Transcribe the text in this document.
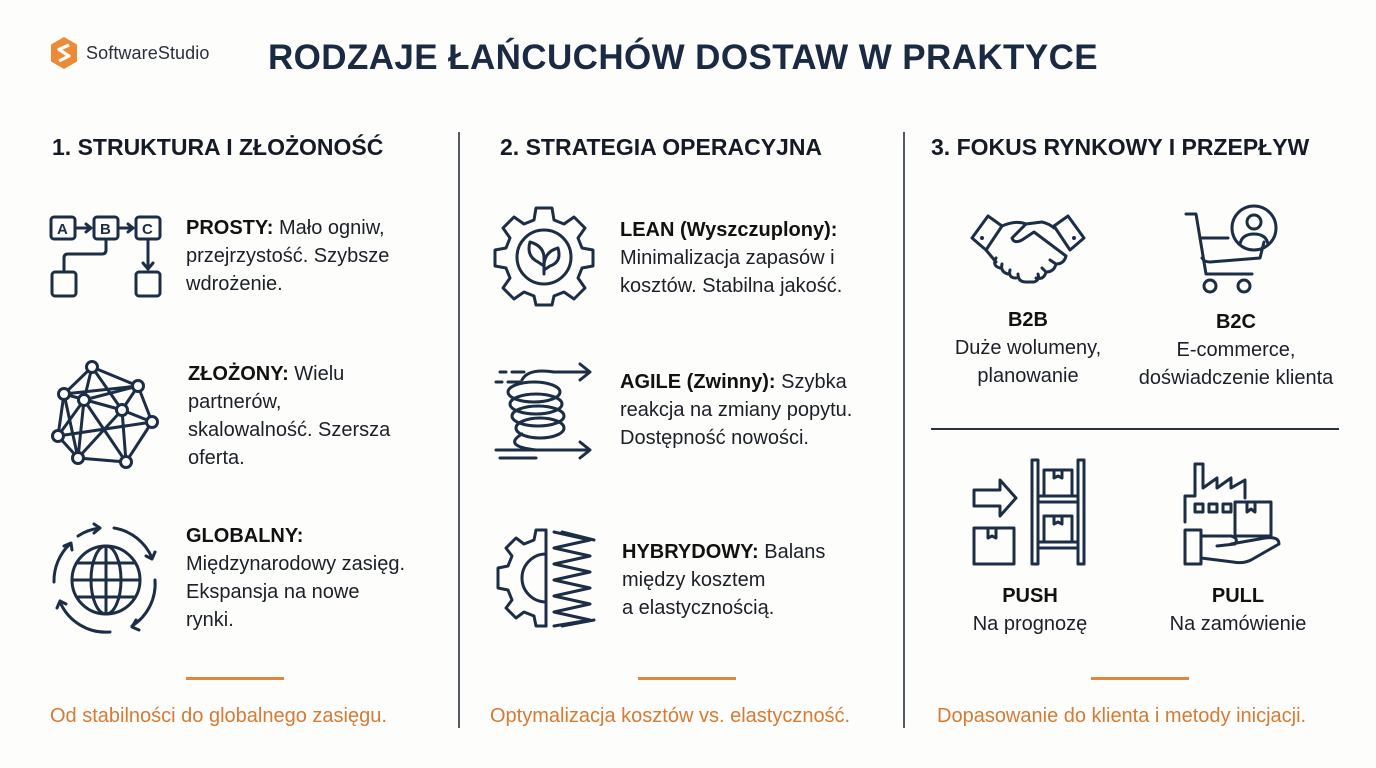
SoftwareStudio RODZAJE ŁAŃCUCHÓW DOSTAW W PRAKTYCE
1. STRUKTURA I ZŁOŻONOŚĆ	2. STRATEGIA OPERACYJNA	3. FOKUS RYNKOWY I PRZEPŁYW
A B C PROSTY: Mało ogniw,
przejrzystość. Szybsze
wdrożenie.
ZŁOŻONY: Wielu
partnerów,
skalowalność. Szersza
oferta.
GLOBALNY:
Międzynarodowy zasięg.
Ekspansja na nowe
rynki.
LEAN (Wyszczuplony):
Minimalizacja zapasów i
kosztów. Stabilna jakość.
AGILE (Zwinny): Szybka
reakcja na zmiany popytu.
Dostępność nowości.
HYBRYDOWY: Balans
między kosztem
a elastycznością.
B2B
Duże wolumeny,
planowanie
B2C
E-commerce,
doświadczenie klienta
PUSH
Na prognozę
PULL
Na zamówienie
Od stabilności do globalnego zasięgu.	Optymalizacja kosztów vs. elastyczność.	Dopasowanie do klienta i metody inicjacji.
